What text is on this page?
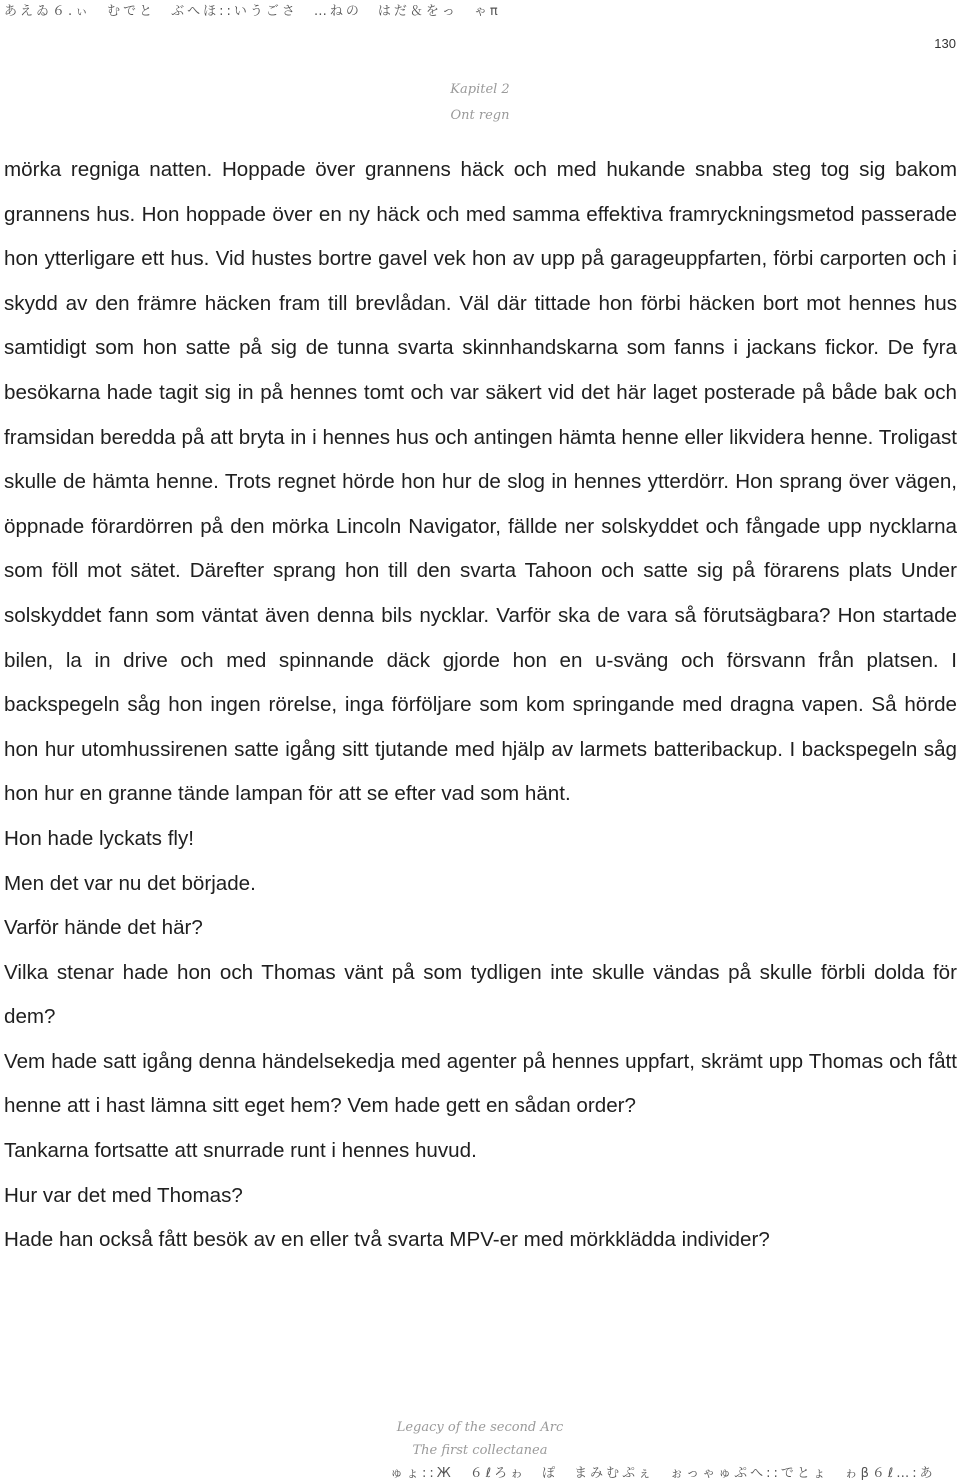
あえゐ６.ぃ　むでと　ぶへほ::いうごさ　…ねの　はだ＆をっ　ゃπ
130
Kapitel 2
Ont regn

mörka regniga natten. Hoppade över grannens häck och med hukande snabba steg tog sig bakom grannens hus. Hon hoppade över en ny häck och med samma effektiva framryckningsmetod passerade hon ytterligare ett hus. Vid hustes bortre gavel vek hon av upp på garageuppfarten, förbi carporten och i skydd av den främre häcken fram till brevlådan. Väl där tittade hon förbi häcken bort mot hennes hus samtidigt som hon satte på sig de tunna svarta skinnhandskarna som fanns i jackans fickor. De fyra besökarna hade tagit sig in på hennes tomt och var säkert vid det här laget posterade på både bak och framsidan beredda på att bryta in i hennes hus och antingen hämta henne eller likvidera henne. Troligast skulle de hämta henne. Trots regnet hörde hon hur de slog in hennes ytterdörr. Hon sprang över vägen, öppnade förardörren på den mörka Lincoln Navigator, fällde ner solskyddet och fångade upp nycklarna som föll mot sätet. Därefter sprang hon till den svarta Tahoon och satte sig på förarens plats Under solskyddet fann som väntat även denna bils nycklar. Varför ska de vara så förutsägbara? Hon startade bilen, la in drive och med spinnande däck gjorde hon en u-sväng och försvann från platsen. I backspegeln såg hon ingen rörelse, inga förföljare som kom springande med dragna vapen. Så hörde hon hur utomhussirenen satte igång sitt tjutande med hjälp av larmets batteribackup. I backspegeln såg hon hur en granne tände lampan för att se efter vad som hänt.

Hon hade lyckats fly!

Men det var nu det började.

Varför hände det här?

Vilka stenar hade hon och Thomas vänt på som tydligen inte skulle vändas på skulle förbli dolda för dem?

Vem hade satt igång denna händelsekedja med agenter på hennes uppfart, skrämt upp Thomas och fått henne att i hast lämna sitt eget hem? Vem hade gett en sådan order?

Tankarna fortsatte att snurrade runt i hennes huvud.

Hur var det med Thomas?

Hade han också fått besök av en eller två svarta MPV-er med mörkklädda individer?

Legacy of the second Arc
The first collectanea
ゅょ::Ж　６ℓろゎ　ぽ　まみむぷぇ　ぉっゃゅぷへ::でとょ　ゎβ６ℓ…:あ
